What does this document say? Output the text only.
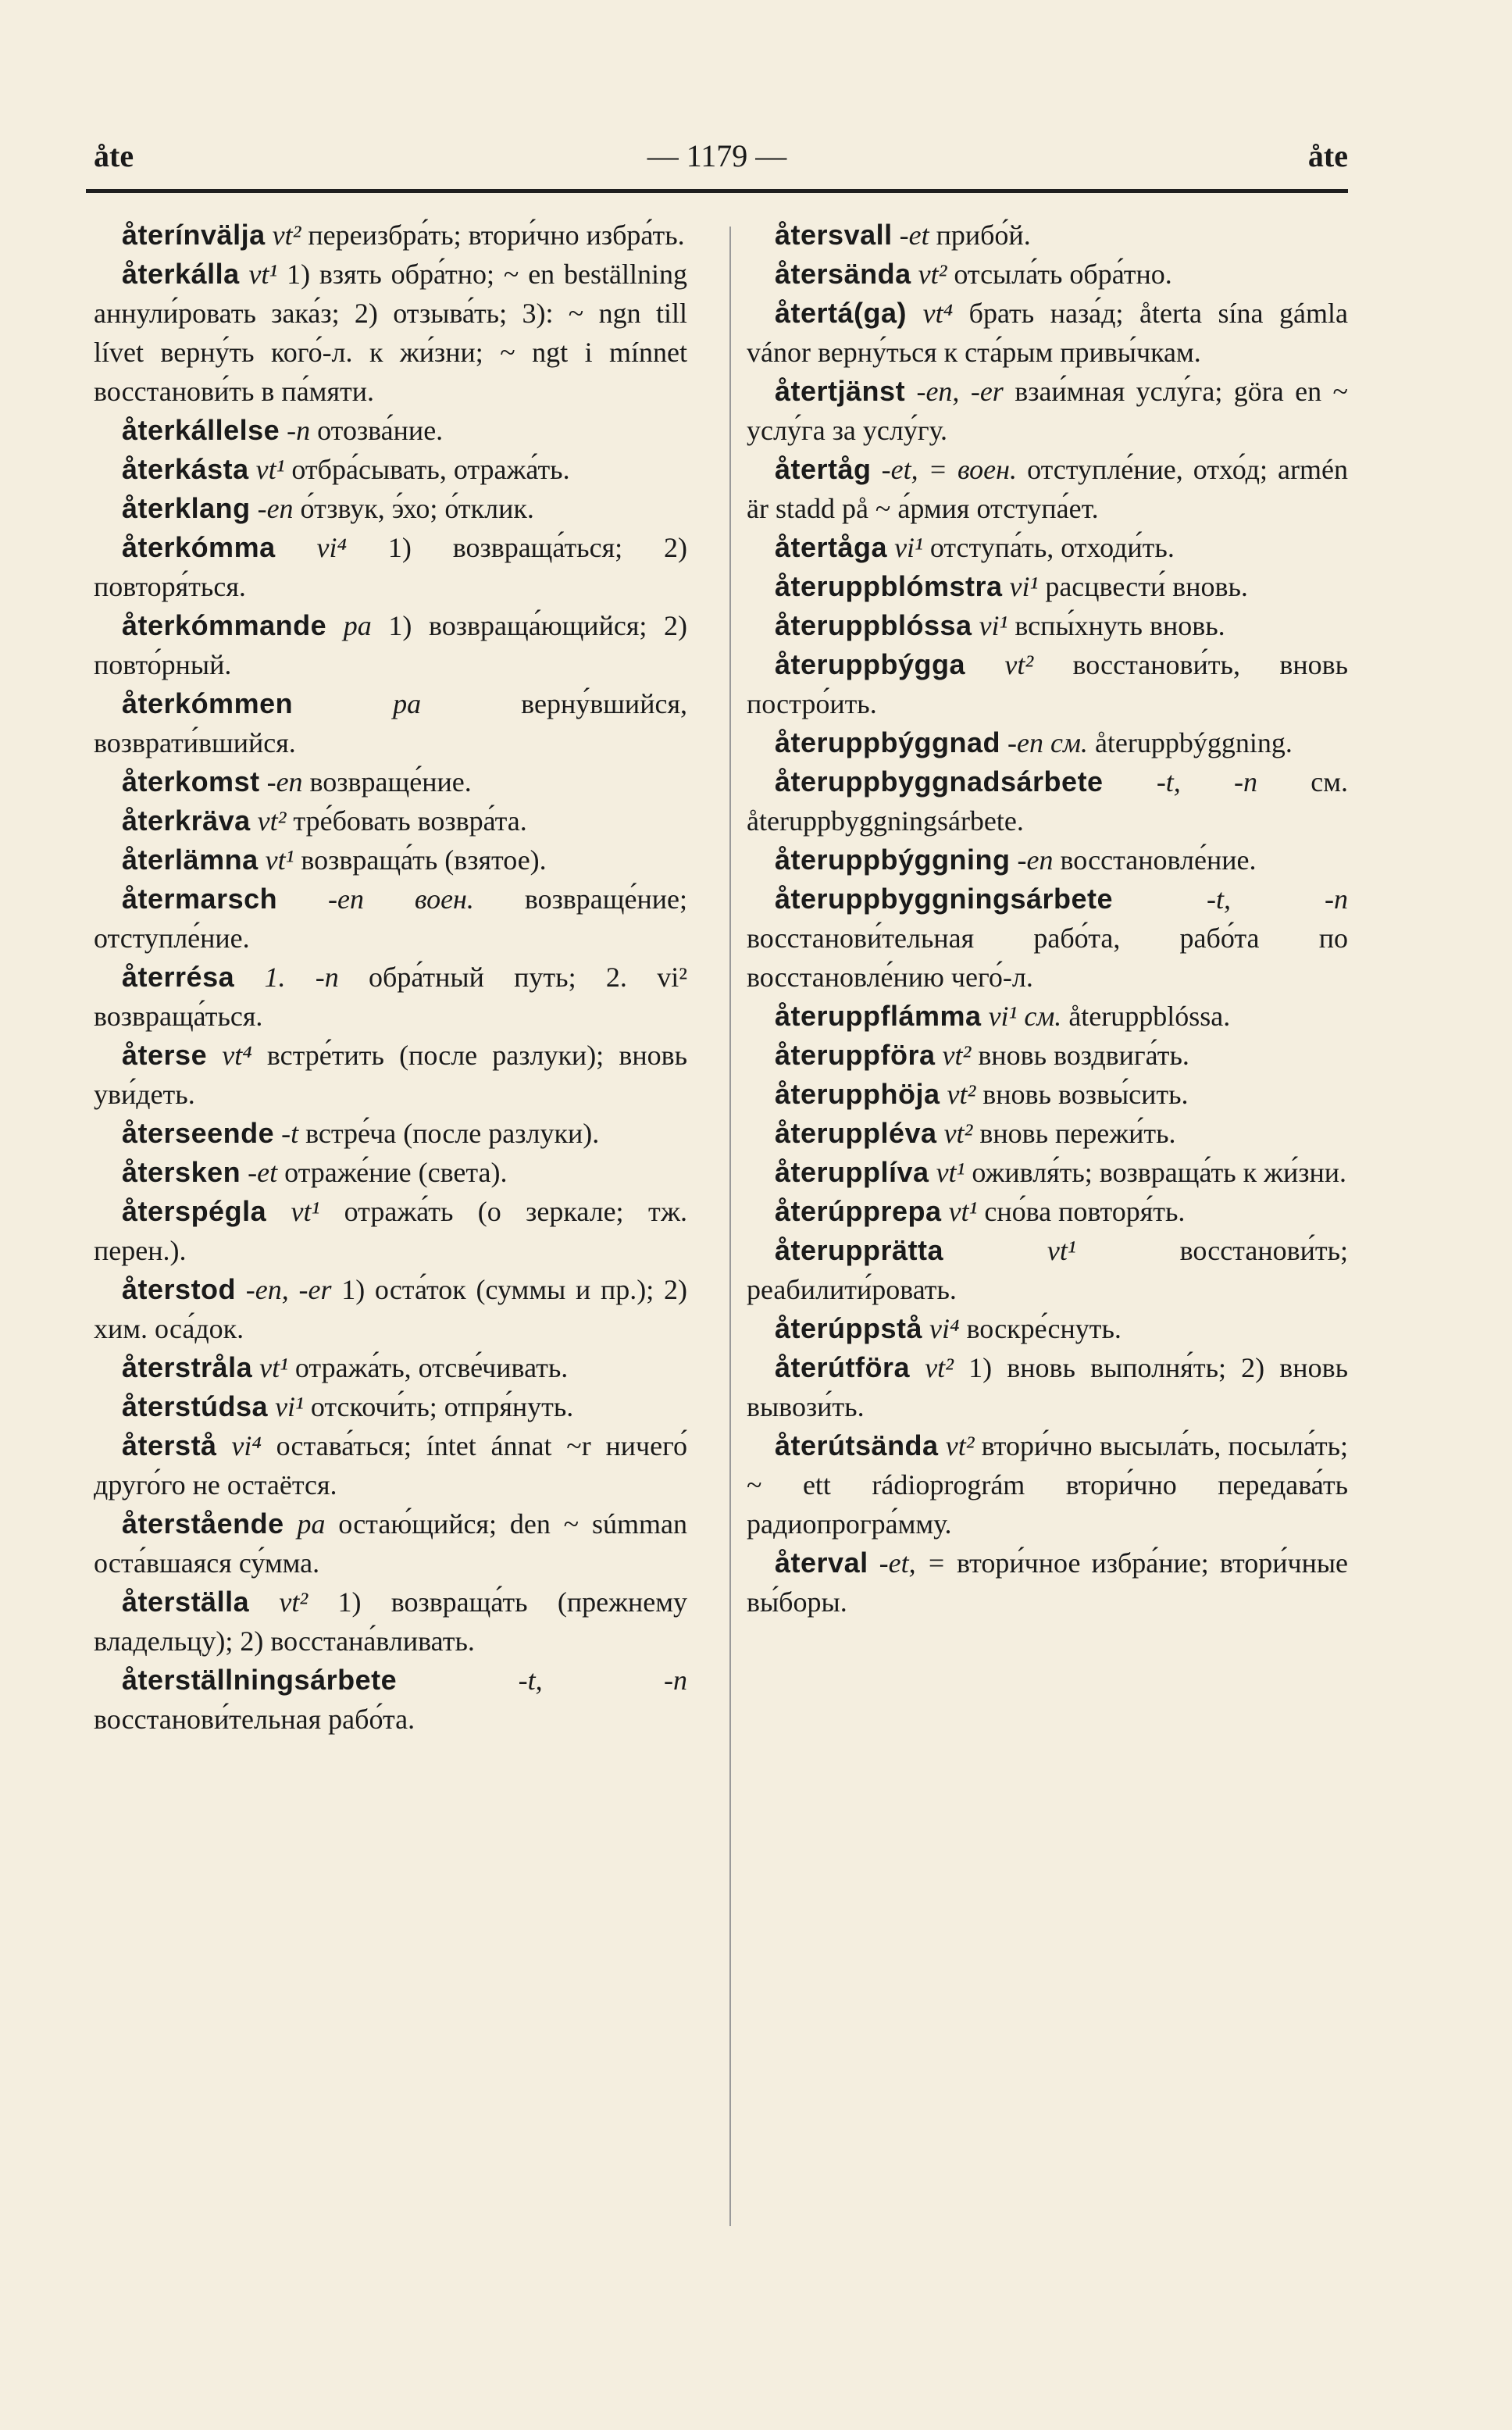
åte	— 1179 —	åte

återínvälja vt² переизбра́ть; втори́чно избра́ть.

återkálla vt¹ 1) взять обра́тно; ~ en beställning аннули́ровать зака́з; 2) отзыва́ть; 3): ~ ngn till lívet верну́ть кого́-л. к жи́зни; ~ ngt i mínnet восстанови́ть в па́мяти.

återkállelse -n отозва́ние.

återkásta vt¹ отбра́сывать, отража́ть.

återklang -en о́тзвук, э́хо; о́тклик.

återkómma vi⁴ 1) возвраща́ться; 2) повторя́ться.

återkómmande pa 1) возвраща́ющийся; 2) повто́рный.

återkómmen	pa верну́вшийся, возврати́вшийся.

återkomst -en возвраще́ние.

återkräva vt² тре́бовать возвра́та.

återlämna vt¹ возвраща́ть (взятое).

återmarsch -en воен. возвраще́ние; отступле́ние.

återrésa 1. -n обра́тный путь; 2. vi² возвраща́ться.

återse vt⁴ встре́тить (после разлуки); вновь уви́деть.

återseende -t встре́ча (после разлуки).

återsken -et отраже́ние (света).

återspégla vt¹ отража́ть (о зеркале; тж. перен.).

återstod -en, -er 1) оста́ток (суммы и пр.); 2) хим. оса́док.

återstråla vt¹ отража́ть, отсве́чивать.

återstúdsa vi¹ отскочи́ть; отпря́нуть.

återstå vi⁴ остава́ться; íntet ánnat ~r ничего́ друго́го не остаётся.

återstående pa остаю́щийся; den ~ súmman оста́вшаяся су́мма.

återställa vt² 1) возвраща́ть (прежнему владельцу); 2) восстана́вливать.

återställningsárbete	-t, -n восстанови́тельная рабо́та.

återsvall -et прибо́й.

återsända vt² отсыла́ть обра́тно.

återtá(ga) vt⁴ брать наза́д; återta sína gámla vánor верну́ться к ста́рым привы́чкам.

återtjänst -en, -er взаи́мная услу́га; göra en ~ услу́га за услу́гу.

återtåg -et, = воен. отступле́ние, отхо́д; armén är stadd på ~ а́рмия отступа́ет.

återtåga vi¹ отступа́ть, отходи́ть.

återuppblómstra vi¹ расцвести́ вновь.

återuppblóssa vi¹ вспы́хнуть вновь.

återuppbýgga vt² восстанови́ть, вновь постро́ить.

återuppbýggnad -en см. återuppbýggning.

återuppbyggnadsárbete -t, -n см. återuppbyggningsárbete.

återuppbýggning -en восстановле́ние.

återuppbyggningsárbete	-t, -n восстанови́тельная рабо́та, рабо́та по восстановле́нию чего́-л.

återuppflámma vi¹ см. återuppblóssa.

återuppföra vt² вновь воздвига́ть.

återupphöja vt² вновь возвы́сить.

återuppléva vt² вновь пережи́ть.

återupplíva vt¹ оживля́ть; возвраща́ть к жи́зни.

återúpprepa vt¹ сно́ва повторя́ть.

återupprätta	vt¹ восстанови́ть; реабилити́ровать.

återúppstå vi⁴ воскре́снуть.

återútföra vt² 1) вновь выполня́ть; 2) вновь вывози́ть.

återútsända vt² втори́чно высыла́ть, посыла́ть; ~ ett rádioprográm втори́чно передава́ть радиопрогра́мму.

återval -et, = втори́чное избра́ние; втори́чные вы́боры.
